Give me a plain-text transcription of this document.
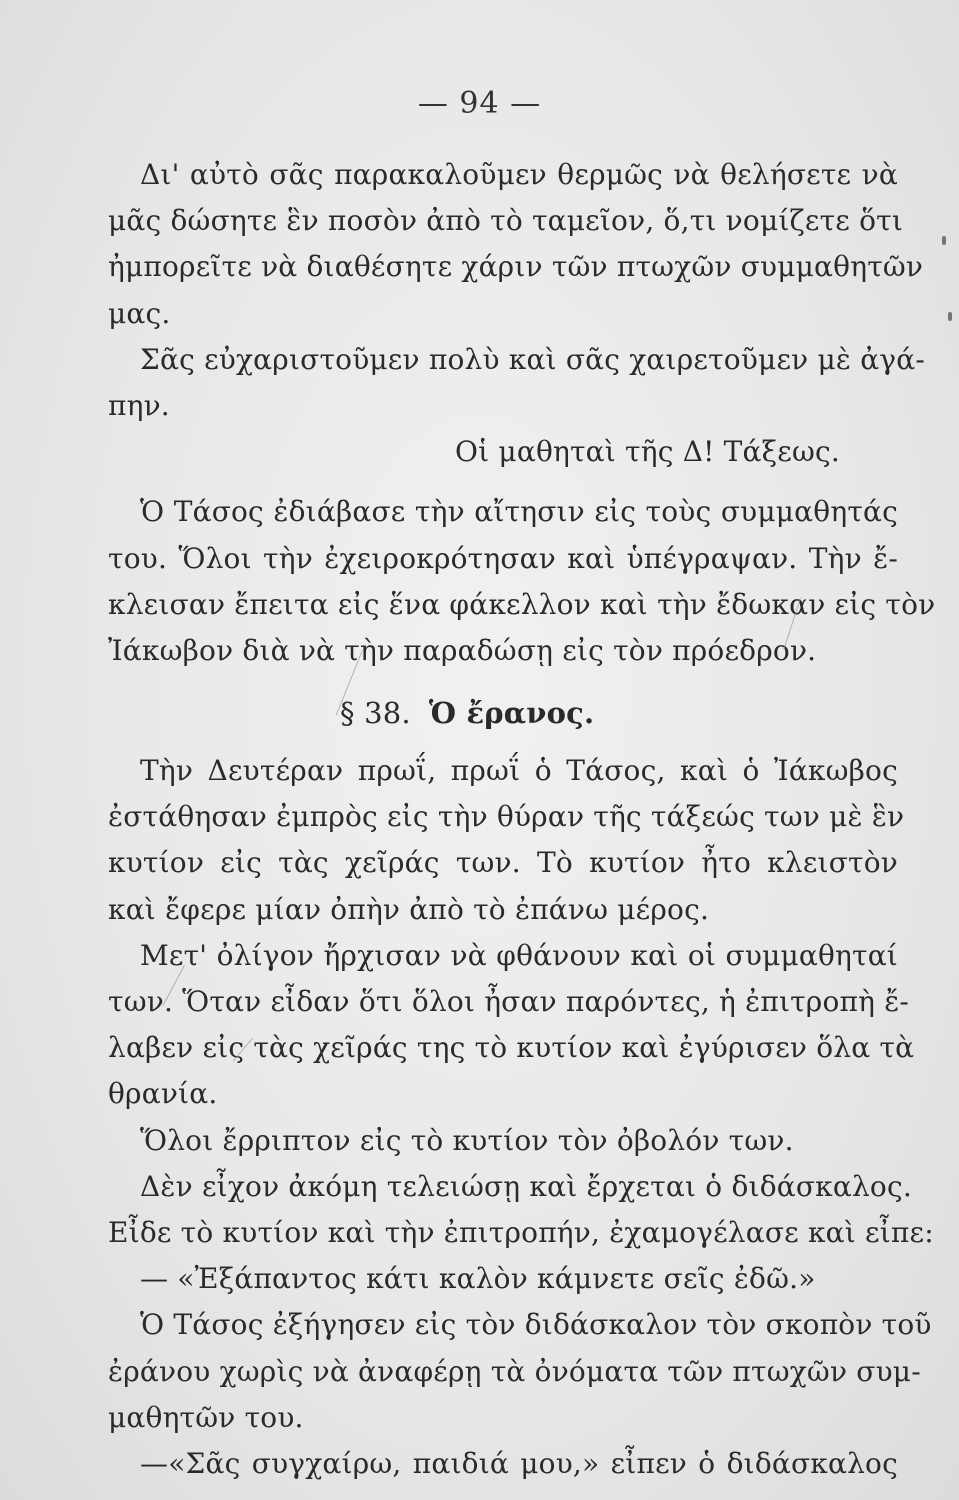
— 94 —
Δι' αὐτὸ σᾶς παρακαλοῦμεν θερμῶς νὰ θελήσετε νὰ
μᾶς δώσητε ἓν ποσὸν ἀπὸ τὸ ταμεῖον, ὅ,τι νομίζετε ὅτι
ἠμπορεῖτε νὰ διαθέσητε χάριν τῶν πτωχῶν συμμαθητῶν
μας.
Σᾶς εὐχαριστοῦμεν πολὺ καὶ σᾶς χαιρετοῦμεν μὲ ἀγά-
πην.
Οἱ μαθηταὶ τῆς Δ! Τάξεως.
Ὁ Τάσος ἐδιάβασε τὴν αἴτησιν εἰς τοὺς συμμαθητάς
του. Ὅλοι τὴν ἐχειροκρότησαν καὶ ὑπέγραψαν. Τὴν ἔ-
κλεισαν ἔπειτα εἰς ἕνα φάκελλον καὶ τὴν ἔδωκαν εἰς τὸν
Ἰάκωβον διὰ νὰ τὴν παραδώσῃ εἰς τὸν πρόεδρον.
§ 38. Ὁ ἔρανος.
Τὴν Δευτέραν πρωΐ, πρωΐ ὁ Τάσος, καὶ ὁ Ἰάκωβος
ἐστάθησαν ἐμπρὸς εἰς τὴν θύραν τῆς τάξεώς των μὲ ἓν
κυτίον εἰς τὰς χεῖράς των. Τὸ κυτίον ἦτο κλειστὸν
καὶ ἔφερε μίαν ὀπὴν ἀπὸ τὸ ἐπάνω μέρος.
Μετ' ὀλίγον ἤρχισαν νὰ φθάνουν καὶ οἱ συμμαθηταί
των. Ὅταν εἶδαν ὅτι ὅλοι ἦσαν παρόντες, ἡ ἐπιτροπὴ ἔ-
λαβεν εἰς τὰς χεῖράς της τὸ κυτίον καὶ ἐγύρισεν ὅλα τὰ
θρανία.
Ὅλοι ἔρριπτον εἰς τὸ κυτίον τὸν ὀβολόν των.
Δὲν εἶχον ἀκόμη τελειώσῃ καὶ ἔρχεται ὁ διδάσκαλος.
Εἶδε τὸ κυτίον καὶ τὴν ἐπιτροπήν, ἐχαμογέλασε καὶ εἶπε:
— «Ἐξάπαντος κάτι καλὸν κάμνετε σεῖς ἐδῶ.»
Ὁ Τάσος ἐξήγησεν εἰς τὸν διδάσκαλον τὸν σκοπὸν τοῦ
ἐράνου χωρὶς νὰ ἀναφέρῃ τὰ ὀνόματα τῶν πτωχῶν συμ-
μαθητῶν του.
—«Σᾶς συγχαίρω, παιδιά μου,» εἶπεν ὁ διδάσκαλος
